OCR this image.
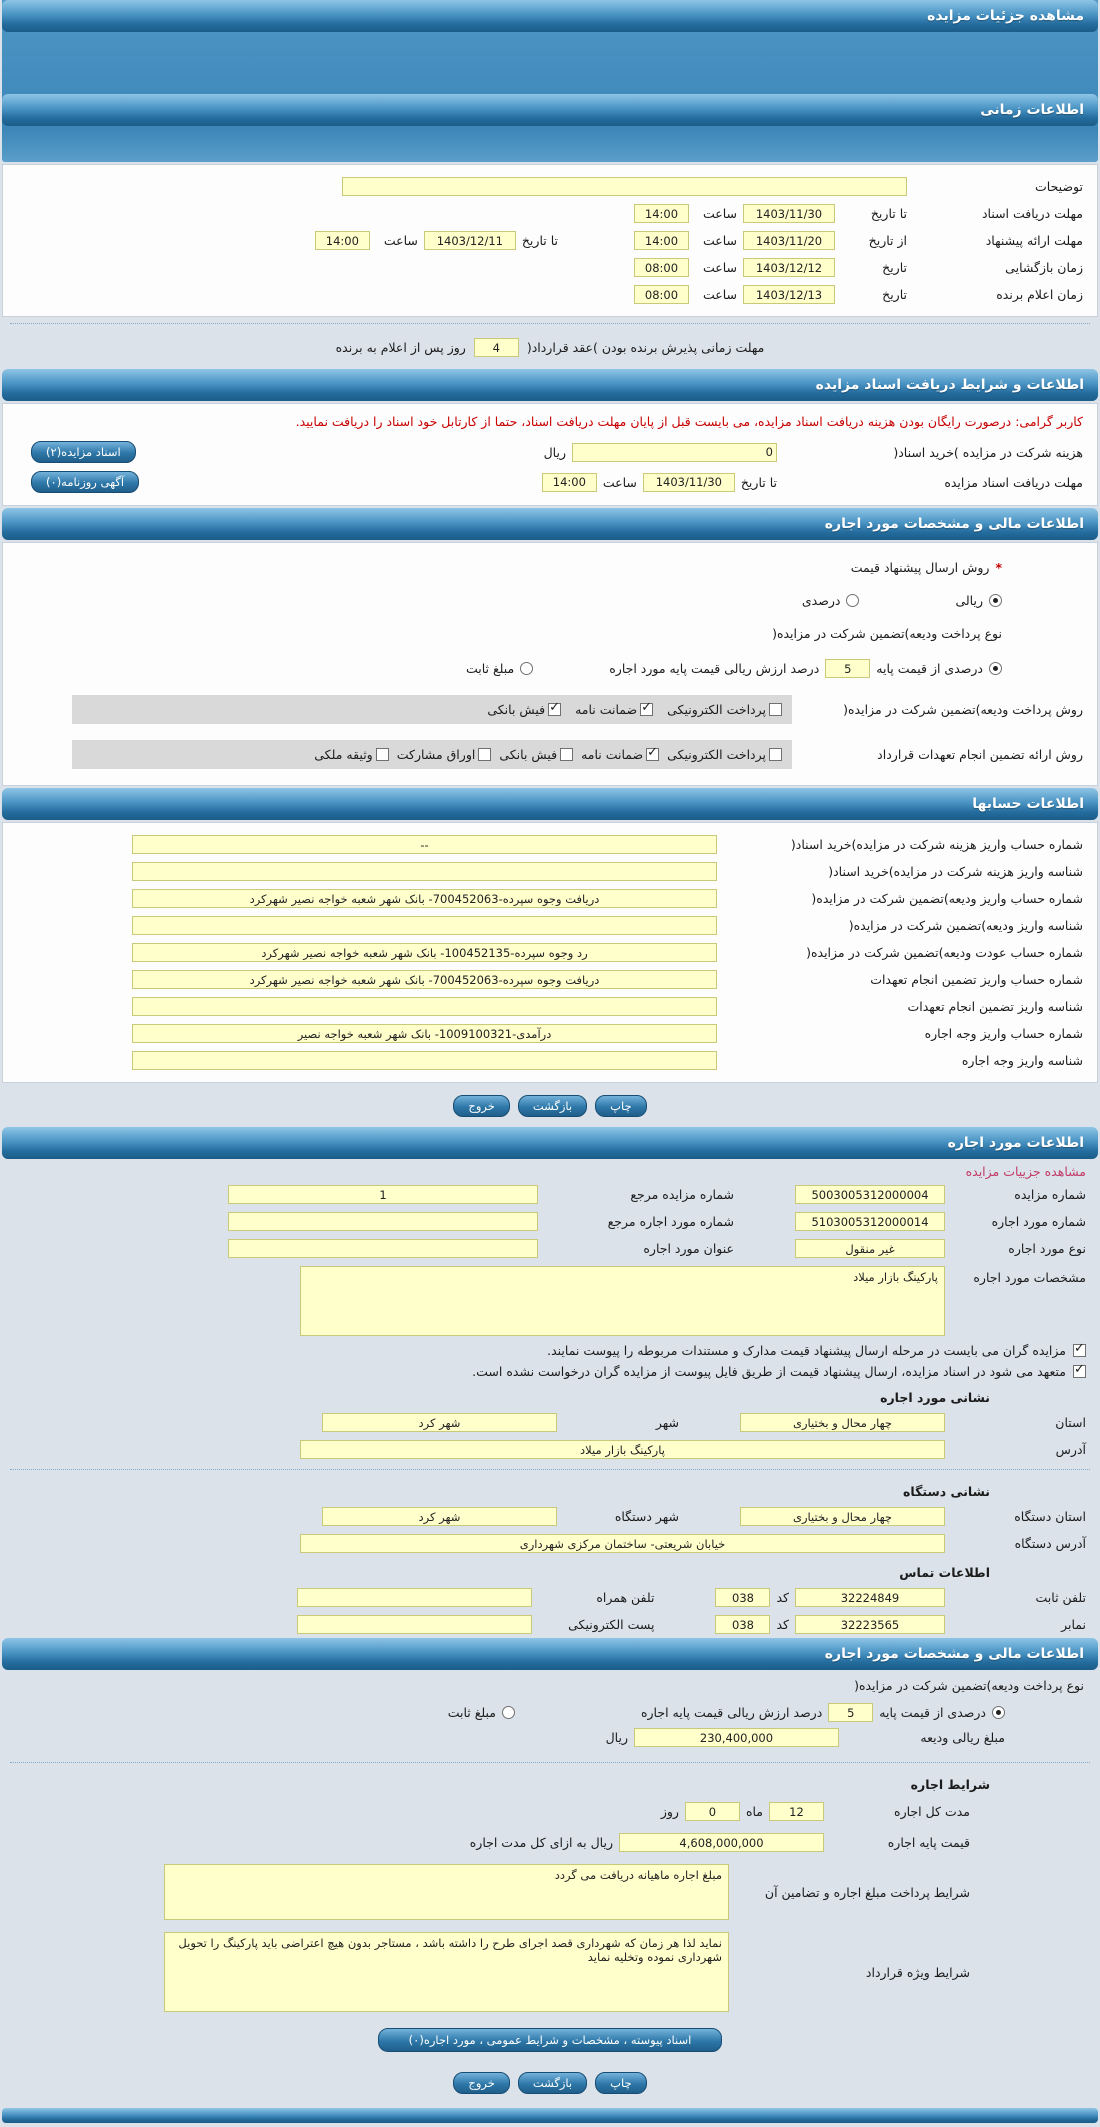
مشاهده جزئیات مزایده
اطلاعات زمانی
توضیحات
مهلت دریافت اسناد
تا تاریخ
1403/11/30
ساعت
14:00
مهلت ارائه پیشنهاد
از تاریخ
1403/11/20
ساعت
14:00
تا تاریخ
1403/12/11
ساعت
14:00
زمان بازگشایی
تاریخ
1403/12/12
ساعت
08:00
زمان اعلام برنده
تاریخ
1403/12/13
ساعت
08:00
مهلت زمانی پذیرش برنده بودن )عقد قرارداد(
4
روز پس از اعلام به برنده
اطلاعات و شرایط دریافت اسناد مزایده
کاربر گرامی: درصورت رایگان بودن هزینه دریافت اسناد مزایده، می بایست قبل از پایان مهلت دریافت اسناد، حتما از کارتابل خود اسناد را دریافت نمایید.
هزینه شرکت در مزایده )خرید اسناد(
0
ریال
اسناد مزایده(۲)
مهلت دریافت اسناد مزایده
تا تاریخ
1403/11/30
ساعت
14:00
آگهی روزنامه(۰)
اطلاعات مالی و مشخصات مورد اجاره
*
روش ارسال پیشنهاد قیمت
ریالی
درصدی
نوع پرداخت ودیعه)تضمین شرکت در مزایده(
درصدی از قیمت پایه
5
درصد ارزش ریالی قیمت پایه مورد اجاره
مبلغ ثابت
روش پرداخت ودیعه)تضمین شرکت در مزایده(
پرداخت الکترونیکی
✓
ضمانت نامه
✓
فیش بانکی
روش ارائه تضمین انجام تعهدات قرارداد
پرداخت الکترونیکی
✓
ضمانت نامه
فیش بانکی
اوراق مشارکت
وثیقه ملکی
اطلاعات حسابها
شماره حساب واریز هزینه شرکت در مزایده)خرید اسناد(
--
شناسه واریز هزینه شرکت در مزایده)خرید اسناد(
شماره حساب واریز ودیعه)تضمین شرکت در مزایده(
دریافت وجوه سپرده-700452063- بانک شهر شعبه خواجه نصیر شهرکرد
شناسه واریز ودیعه)تضمین شرکت در مزایده(
شماره حساب عودت ودیعه)تضمین شرکت در مزایده(
رد وجوه سپرده-100452135- بانک شهر شعبه خواجه نصیر شهرکرد
شماره حساب واریز تضمین انجام تعهدات
دریافت وجوه سپرده-700452063- بانک شهر شعبه خواجه نصیر شهرکرد
شناسه واریز تضمین انجام تعهدات
شماره حساب واریز وجه اجاره
درآمدی-1009100321- بانک شهر شعبه خواجه نصیر
شناسه واریز وجه اجاره
چاپ
بازگشت
خروج
اطلاعات مورد اجاره
مشاهده جزییات مزایده
شماره مزایده
5003005312000004
شماره مزایده مرجع
1
شماره مورد اجاره
5103005312000014
شماره مورد اجاره مرجع
نوع مورد اجاره
غیر منقول
عنوان مورد اجاره
مشخصات مورد اجاره
پارکینگ بازار میلاد
✓
مزایده گران می بایست در مرحله ارسال پیشنهاد قیمت مدارک و مستندات مربوطه را پیوست نمایند.
✓
متعهد می شود در اسناد مزایده، ارسال پیشنهاد قیمت از طریق فایل پیوست از مزایده گران درخواست نشده است.
نشانی مورد اجاره
استان
چهار محال و بختیاری
شهر
شهر کرد
آدرس
پارکینگ بازار میلاد
نشانی دستگاه
استان دستگاه
چهار محال و بختیاری
شهر دستگاه
شهر کرد
آدرس دستگاه
خیابان شریعتی- ساختمان مرکزی شهرداری
اطلاعات تماس
تلفن ثابت
32224849
کد
038
تلفن همراه
نمابر
32223565
کد
038
پست الکترونیکی
اطلاعات مالی و مشخصات مورد اجاره
نوع پرداخت ودیعه)تضمین شرکت در مزایده(
درصدی از قیمت پایه
5
درصد ارزش ریالی قیمت پایه اجاره
مبلغ ثابت
مبلغ ریالی ودیعه
230,400,000
ریال
شرایط اجاره
مدت کل اجاره
12
ماه
0
روز
قیمت پایه اجاره
4,608,000,000
ریال به ازای کل مدت اجاره
شرایط پرداخت مبلغ اجاره و تضامین آن
مبلغ اجاره ماهیانه دریافت می گردد
شرایط ویژه قرارداد
نماید لذا هر زمان که شهرداری قصد اجرای طرح را داشته باشد ، مستاجر بدون هیچ اعتراضی باید پارکینگ را تحویل شهرداری نموده وتخلیه نماید
اسناد پیوسته ، مشخصات و شرایط عمومی ، مورد اجاره(۰)
چاپ
بازگشت
خروج
